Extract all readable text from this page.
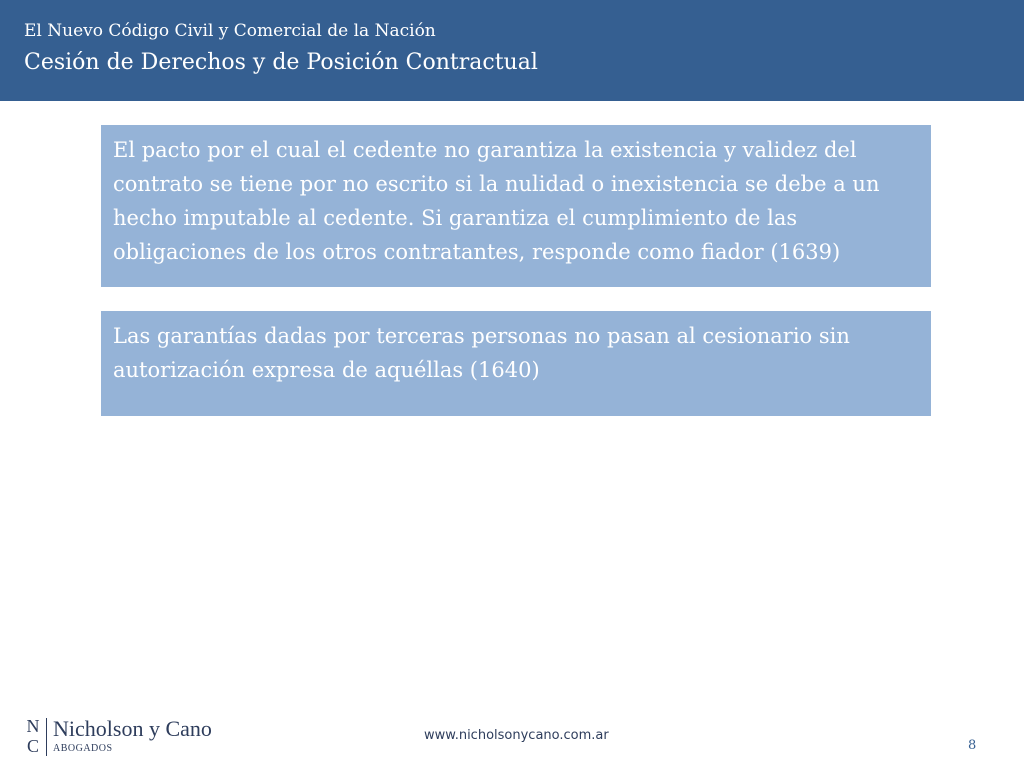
El Nuevo Código Civil y Comercial de la Nación
Cesión de Derechos y de Posición Contractual
El pacto por el cual el cedente no garantiza la existencia y validez del
contrato se tiene por no escrito si la nulidad o inexistencia se debe a un
hecho imputable al cedente. Si garantiza el cumplimiento de las
obligaciones de los otros contratantes, responde como fiador (1639)
Las garantías dadas por terceras personas no pasan al cesionario sin
autorización expresa de aquéllas (1640)
N
C
Nicholson y Cano
ABOGADOS
www.nicholsonycano.com.ar
8
